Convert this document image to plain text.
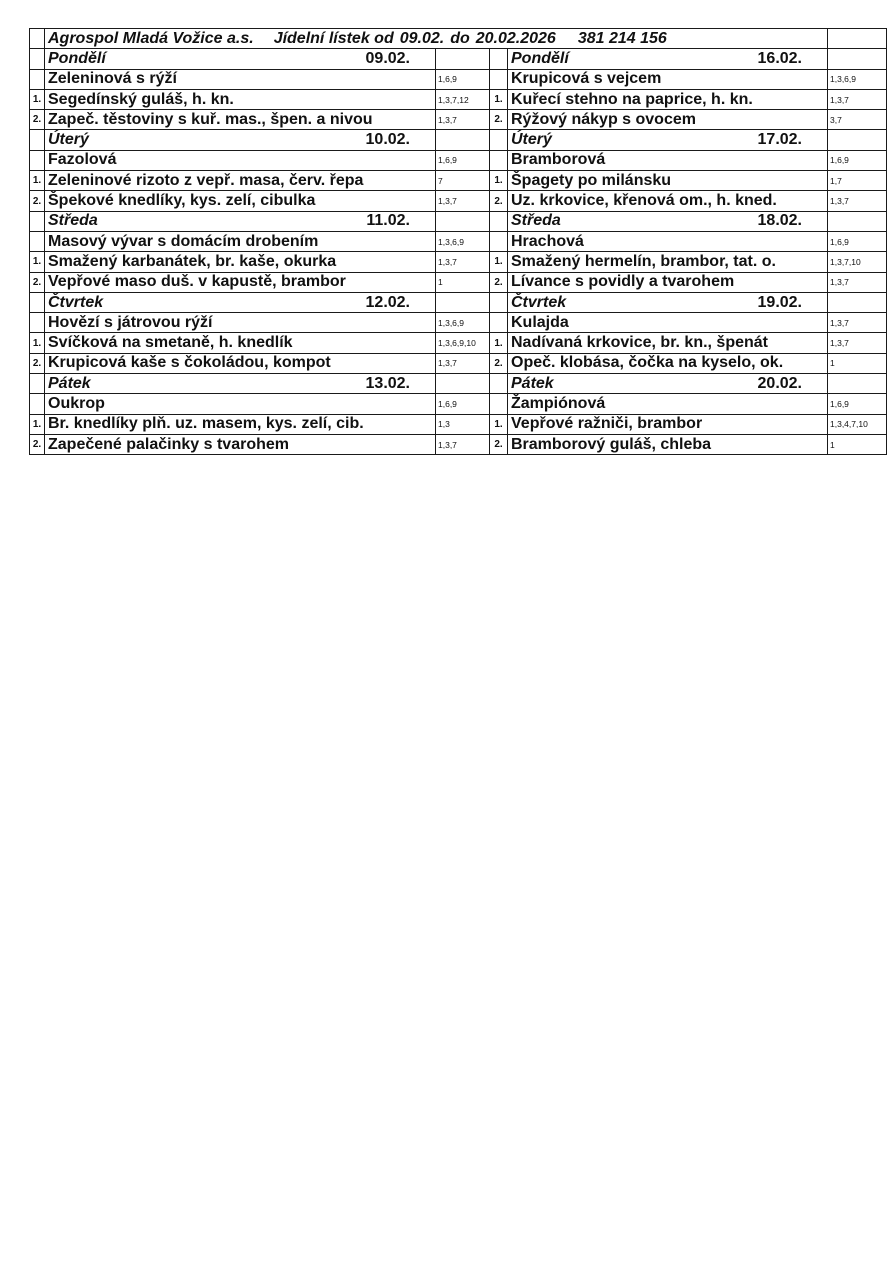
	Agrospol Mladá Vožice a.s. Jídelní lístek od 09.02. do 20.02.2026 381 214 156				

	Pondělí 09.02.			Pondělí 16.02.	

	Zeleninová s rýží	1,6,9		Krupicová s vejcem	1,3,6,9
1.	Segedínský guláš, h. kn.	1,3,7,12	1.	Kuřecí stehno na paprice, h. kn.	1,3,7
2.	Zapeč. těstoviny s kuř. mas., špen. a nivou	1,3,7	2.	Rýžový nákyp s ovocem	3,7

	Úterý 10.02.			Úterý 17.02.	

	Fazolová	1,6,9		Bramborová	1,6,9
1.	Zeleninové rizoto z vepř. masa, červ. řepa	7	1.	Špagety po milánsku	1,7
2.	Špekové knedlíky, kys. zelí, cibulka	1,3,7	2.	Uz. krkovice, křenová om., h. kned.	1,3,7

	Středa 11.02.			Středa 18.02.	

	Masový vývar s domácím drobením	1,3,6,9		Hrachová	1,6,9
1.	Smažený karbanátek, br. kaše, okurka	1,3,7	1.	Smažený hermelín, brambor, tat. o.	1,3,7,10
2.	Vepřové maso duš. v kapustě, brambor	1	2.	Lívance s povidly a tvarohem	1,3,7

	Čtvrtek 12.02.			Čtvrtek 19.02.	

	Hovězí s játrovou rýží	1,3,6,9		Kulajda	1,3,7
1.	Svíčková na smetaně, h. knedlík	1,3,6,9,10	1.	Nadívaná krkovice, br. kn., špenát	1,3,7
2.	Krupicová kaše s čokoládou, kompot	1,3,7	2.	Opeč. klobása, čočka na kyselo, ok.	1

	Pátek 13.02.			Pátek 20.02.	

	Oukrop	1,6,9		Žampiónová	1,6,9
1.	Br. knedlíky plň. uz. masem, kys. zelí, cib.	1,3	1.	Vepřové ražniči, brambor	1,3,4,7,10
2.	Zapečené palačinky s tvarohem	1,3,7	2.	Bramborový guláš, chleba	1
